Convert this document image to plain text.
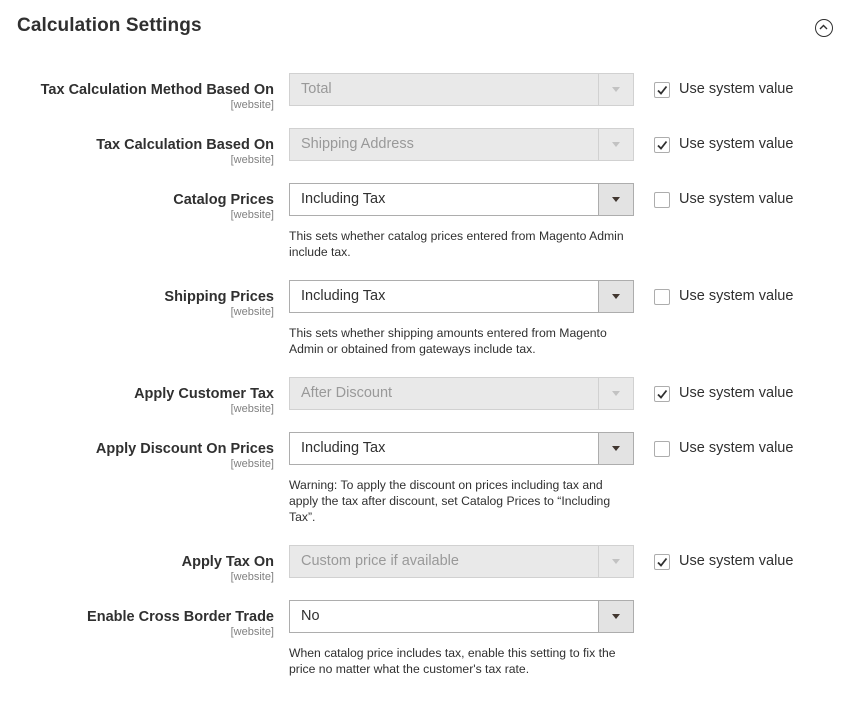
Calculation Settings
Tax Calculation Method Based On
[website]
Total	Use system value
Tax Calculation Based On
[website]
Shipping Address	Use system value
Catalog Prices
[website]
Including Tax	Use system value
This sets whether catalog prices entered from Magento Admin include tax.
Shipping Prices
[website]
Including Tax	Use system value
This sets whether shipping amounts entered from Magento Admin or obtained from gateways include tax.
Apply Customer Tax
[website]
After Discount	Use system value
Apply Discount On Prices
[website]
Including Tax	Use system value
Warning: To apply the discount on prices including tax and apply the tax after discount, set Catalog Prices to “Including Tax”.
Apply Tax On
[website]
Custom price if available	Use system value
Enable Cross Border Trade
[website]
No
When catalog price includes tax, enable this setting to fix the price no matter what the customer's tax rate.
